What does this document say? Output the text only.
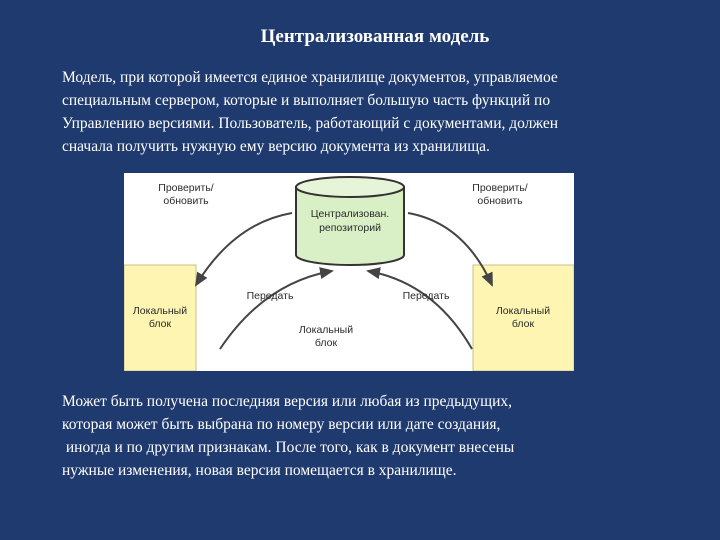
Централизованная модель

Модель, при которой имеется единое хранилище документов, управляемое
специальным сервером, которые и выполняет большую часть функций по
Управлению версиями. Пользователь, работающий с документами, должен
сначала получить нужную ему версию документа из хранилища.

Централизован.
репозиторий
Проверить/
обновить
Проверить/
обновить
Передать	Передать
Локальный
блок
Локальный
блок
Локальный
блок

Может быть получена последняя версия или любая из предыдущих,
которая может быть выбрана по номеру версии или дате создания,
иногда и по другим признакам. После того, как в документ внесены
нужные изменения, новая версия помещается в хранилище.
